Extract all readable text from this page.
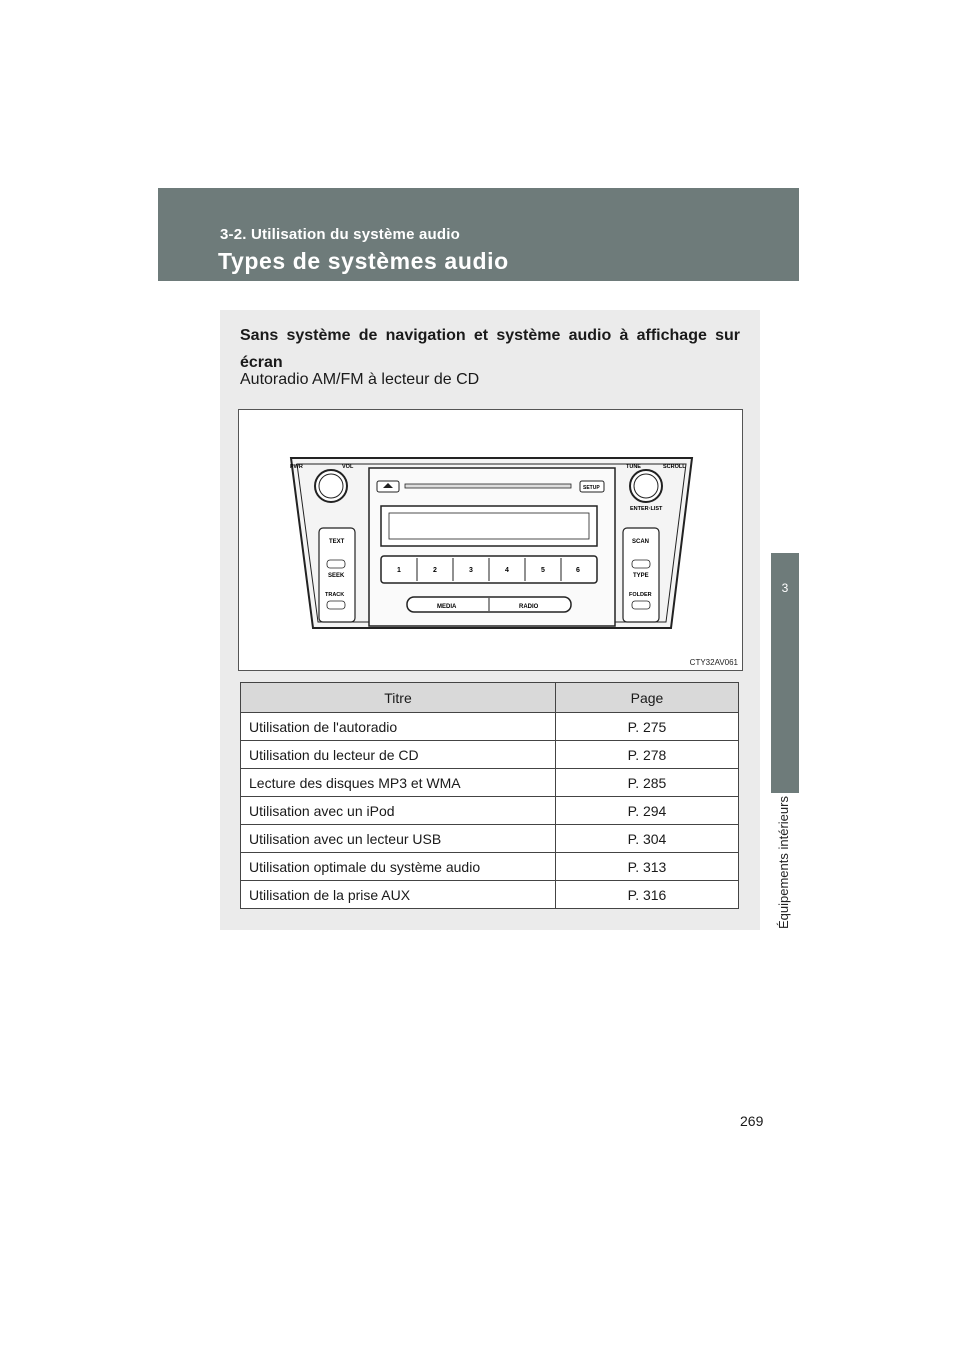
3-2. Utilisation du système audio
Types de systèmes audio
3
Équipements intérieurs
Sans système de navigation et système audio à affichage sur écran
Autoradio AM/FM à lecteur de CD
PWR	VOL	TUNE	SCROLL
ENTER·LIST
SETUP
1	2	3	4	5	6
MEDIA	RADIO
TEXT
SEEK
TRACK
SCAN
TYPE
FOLDER
CTY32AV061
Titre	Page
Utilisation de l'autoradio	P. 275
Utilisation du lecteur de CD	P. 278
Lecture des disques MP3 et WMA	P. 285
Utilisation avec un iPod	P. 294
Utilisation avec un lecteur USB	P. 304
Utilisation optimale du système audio	P. 313
Utilisation de la prise AUX	P. 316
269
